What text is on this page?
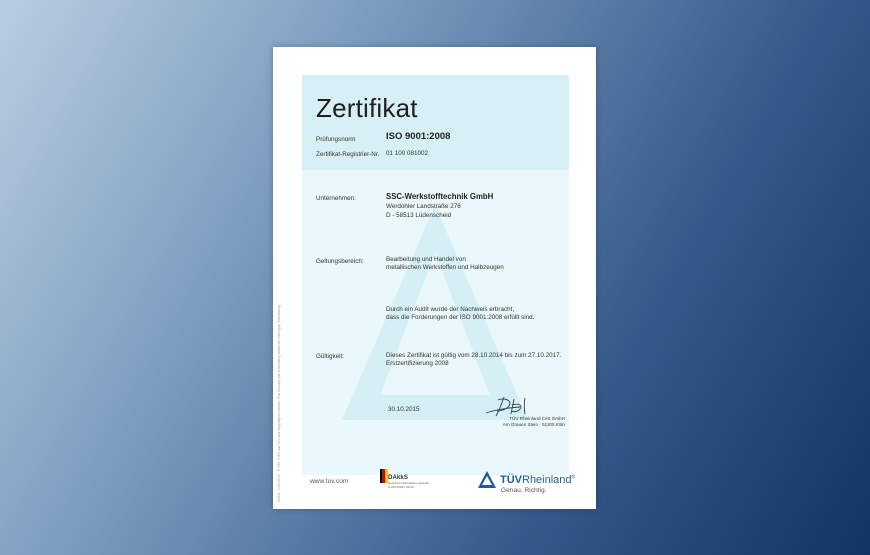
Zertifikat
Prüfungsnorm	ISO 9001:2008
Zertifikat-Registrier-Nr. 01 100 081002
Unternehmen:	SSC-Werkstofftechnik GmbH
Werdohler Landstraße 276
D - 58513 Lüdenscheid
Geltungsbereich:	Bearbeitung und Handel von
metallischen Werkstoffen und Halbzeugen
Durch ein Audit wurde der Nachweis erbracht,
dass die Forderungen der ISO 9001:2008 erfüllt sind.
Gültigkeit:	Dieses Zertifikat ist gültig vom 28.10.2014 bis zum 27.10.2017.
Erstzertifizierung 2008
30.10.2015
TÜV Rheinland Cert GmbH
Am Grauen Stein · 51105 Köln
10/221 · 0.00 05.04 · ® TÜV, TUEV und TUV sind eingetragene Marken. Eine Nutzung und Verwendung bedarf der vorherigen Zustimmung.	www.tuv.com
DAkkS
Deutsche Akkreditierungsstelle D-ZM-16031-01-00
TÜVRheinland®
Genau. Richtig.
